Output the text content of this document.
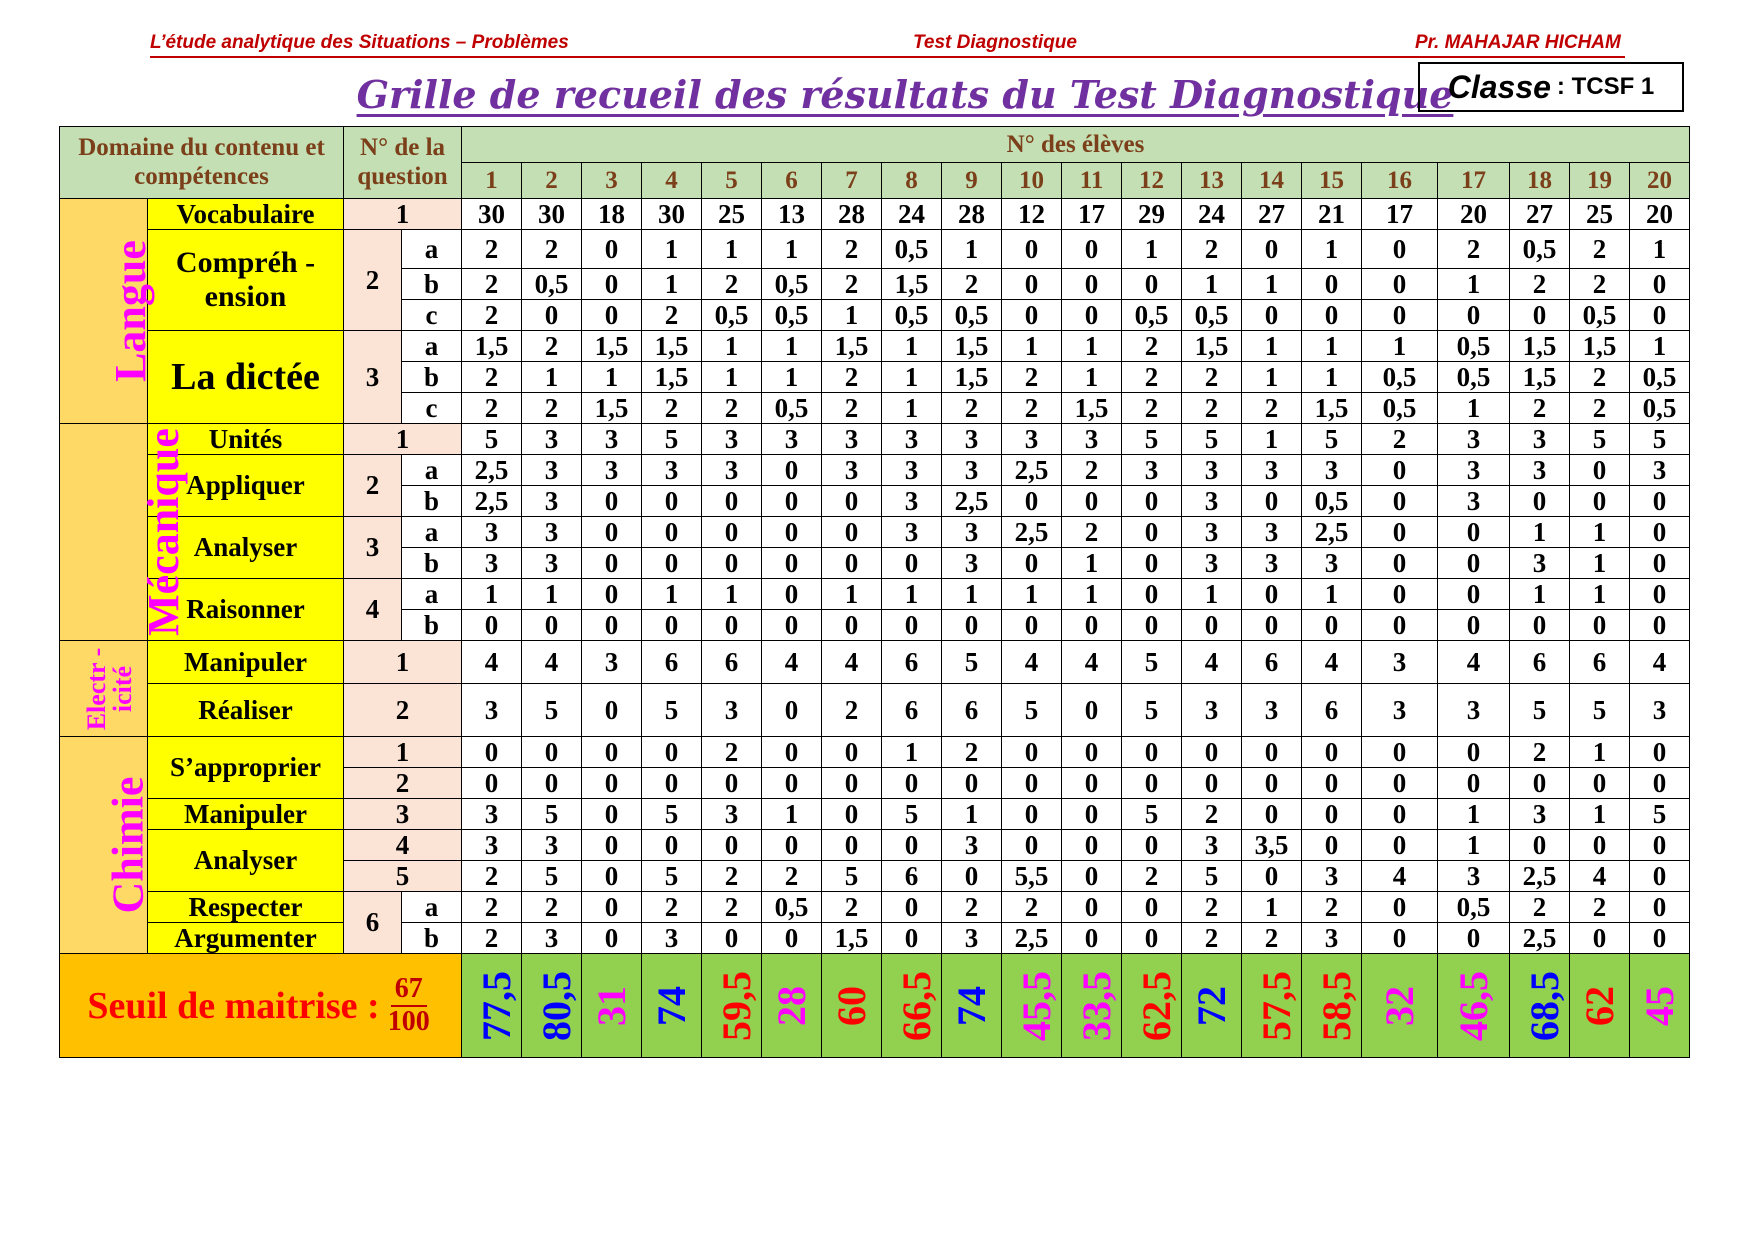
L’étude analytique des Situations – Problèmes	Test Diagnostique	Pr. MAHAJAR HICHAM
Grille de recueil des résultats du Test Diagnostique
Classe : TCSF 1
Domaine du contenu et compétences		N° de la question		N° des élèves																			
				1	2	3	4	5	6	7	8	9	10	11	12	13	14	15	16	17	18	19	20
Langue	Vocabulaire	1		30	30	18	30	25	13	28	24	28	12	17	29	24	27	21	17	20	27	25	20
	Compréh - ension	2	a	2	2	0	1	1	1	2	0,5	1	0	0	1	2	0	1	0	2	0,5	2	1
			b	2	0,5	0	1	2	0,5	2	1,5	2	0	0	0	1	1	0	0	1	2	2	0
			c	2	0	0	2	0,5	0,5	1	0,5	0,5	0	0	0,5	0,5	0	0	0	0	0	0,5	0
	La dictée	3	a	1,5	2	1,5	1,5	1	1	1,5	1	1,5	1	1	2	1,5	1	1	1	0,5	1,5	1,5	1
			b	2	1	1	1,5	1	1	2	1	1,5	2	1	2	2	1	1	0,5	0,5	1,5	2	0,5
			c	2	2	1,5	2	2	0,5	2	1	2	2	1,5	2	2	2	1,5	0,5	1	2	2	0,5
Mécanique	Unités	1		5	3	3	5	3	3	3	3	3	3	3	5	5	1	5	2	3	3	5	5
	Appliquer	2	a	2,5	3	3	3	3	0	3	3	3	2,5	2	3	3	3	3	0	3	3	0	3
			b	2,5	3	0	0	0	0	0	3	2,5	0	0	0	3	0	0,5	0	3	0	0	0
	Analyser	3	a	3	3	0	0	0	0	0	3	3	2,5	2	0	3	3	2,5	0	0	1	1	0
			b	3	3	0	0	0	0	0	0	3	0	1	0	3	3	3	0	0	3	1	0
	Raisonner	4	a	1	1	0	1	1	0	1	1	1	1	1	0	1	0	1	0	0	1	1	0
			b	0	0	0	0	0	0	0	0	0	0	0	0	0	0	0	0	0	0	0	0
Electr - icité	Manipuler	1		4	4	3	6	6	4	4	6	5	4	4	5	4	6	4	3	4	6	6	4
	Réaliser	2		3	5	0	5	3	0	2	6	6	5	0	5	3	3	6	3	3	5	5	3
Chimie	S’approprier	1		0	0	0	0	2	0	0	1	2	0	0	0	0	0	0	0	0	2	1	0
		2		0	0	0	0	0	0	0	0	0	0	0	0	0	0	0	0	0	0	0	0
	Manipuler	3		3	5	0	5	3	1	0	5	1	0	0	5	2	0	0	0	1	3	1	5
	Analyser	4		3	3	0	0	0	0	0	0	3	0	0	0	3	3,5	0	0	1	0	0	0
		5		2	5	0	5	2	2	5	6	0	5,5	0	2	5	0	3	4	3	2,5	4	0
	Respecter	6	a	2	2	0	2	2	0,5	2	0	2	2	0	0	2	1	2	0	0,5	2	2	0
	Argumenter		b	2	3	0	3	0	0	1,5	0	3	2,5	0	0	2	2	3	0	0	2,5	0	0
Seuil de maitrise : $\frac{67}{100}$				77,5	80,5	31	74	59,5	28	60	66,5	74	45,5	33,5	62,5	72	57,5	58,5	32	46,5	68,5	62	45
